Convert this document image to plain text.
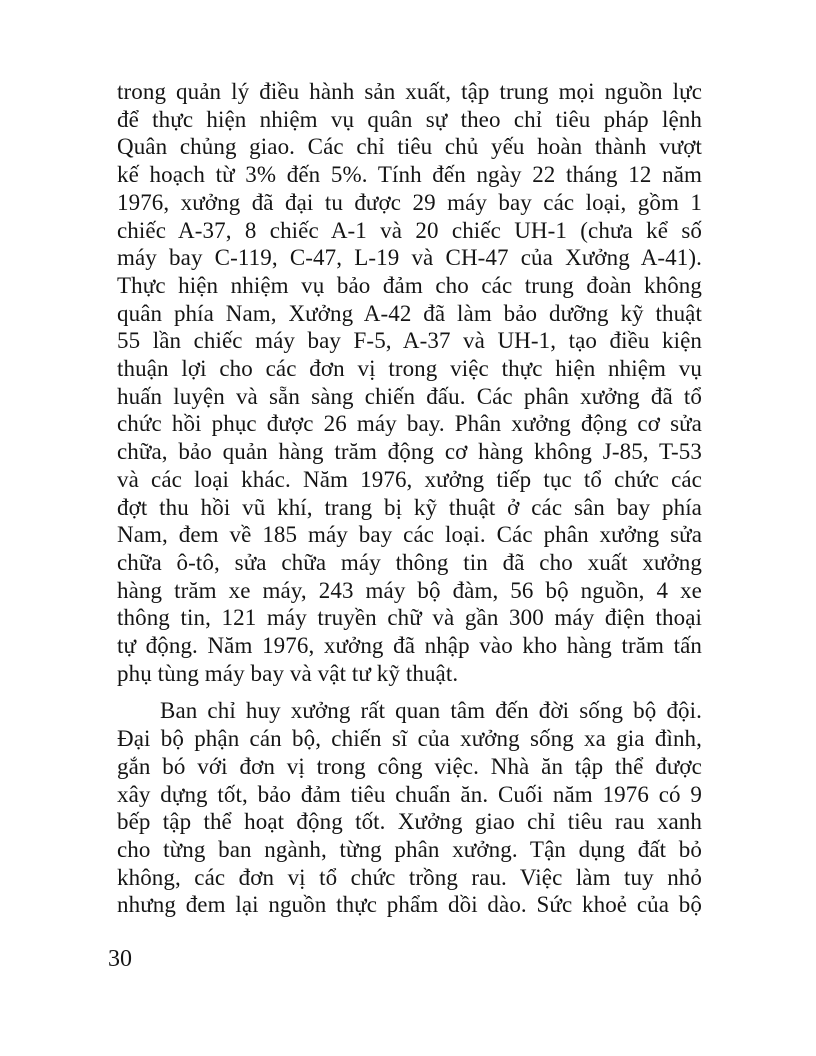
trong quản lý điều hành sản xuất, tập trung mọi nguồn lực
để thực hiện nhiệm vụ quân sự theo chỉ tiêu pháp lệnh
Quân chủng giao. Các chỉ tiêu chủ yếu hoàn thành vượt
kế hoạch từ 3% đến 5%. Tính đến ngày 22 tháng 12 năm
1976, xưởng đã đại tu được 29 máy bay các loại, gồm 1
chiếc A-37, 8 chiếc A-1 và 20 chiếc UH-1 (chưa kể số
máy bay C-119, C-47, L-19 và CH-47 của Xưởng A-41).
Thực hiện nhiệm vụ bảo đảm cho các trung đoàn không
quân phía Nam, Xưởng A-42 đã làm bảo dưỡng kỹ thuật
55 lần chiếc máy bay F-5, A-37 và UH-1, tạo điều kiện
thuận lợi cho các đơn vị trong việc thực hiện nhiệm vụ
huấn luyện và sẵn sàng chiến đấu. Các phân xưởng đã tổ
chức hồi phục được 26 máy bay. Phân xưởng động cơ sửa
chữa, bảo quản hàng trăm động cơ hàng không J-85, T-53
và các loại khác. Năm 1976, xưởng tiếp tục tổ chức các
đợt thu hồi vũ khí, trang bị kỹ thuật ở các sân bay phía
Nam, đem về 185 máy bay các loại. Các phân xưởng sửa
chữa ô-tô, sửa chữa máy thông tin đã cho xuất xưởng
hàng trăm xe máy, 243 máy bộ đàm, 56 bộ nguồn, 4 xe
thông tin, 121 máy truyền chữ và gần 300 máy điện thoại
tự động. Năm 1976, xưởng đã nhập vào kho hàng trăm tấn
phụ tùng máy bay và vật tư kỹ thuật.
Ban chỉ huy xưởng rất quan tâm đến đời sống bộ đội.
Đại bộ phận cán bộ, chiến sĩ của xưởng sống xa gia đình,
gắn bó với đơn vị trong công việc. Nhà ăn tập thể được
xây dựng tốt, bảo đảm tiêu chuẩn ăn. Cuối năm 1976 có 9
bếp tập thể hoạt động tốt. Xưởng giao chỉ tiêu rau xanh
cho từng ban ngành, từng phân xưởng. Tận dụng đất bỏ
không, các đơn vị tổ chức trồng rau. Việc làm tuy nhỏ
nhưng đem lại nguồn thực phẩm dồi dào. Sức khoẻ của bộ
30
